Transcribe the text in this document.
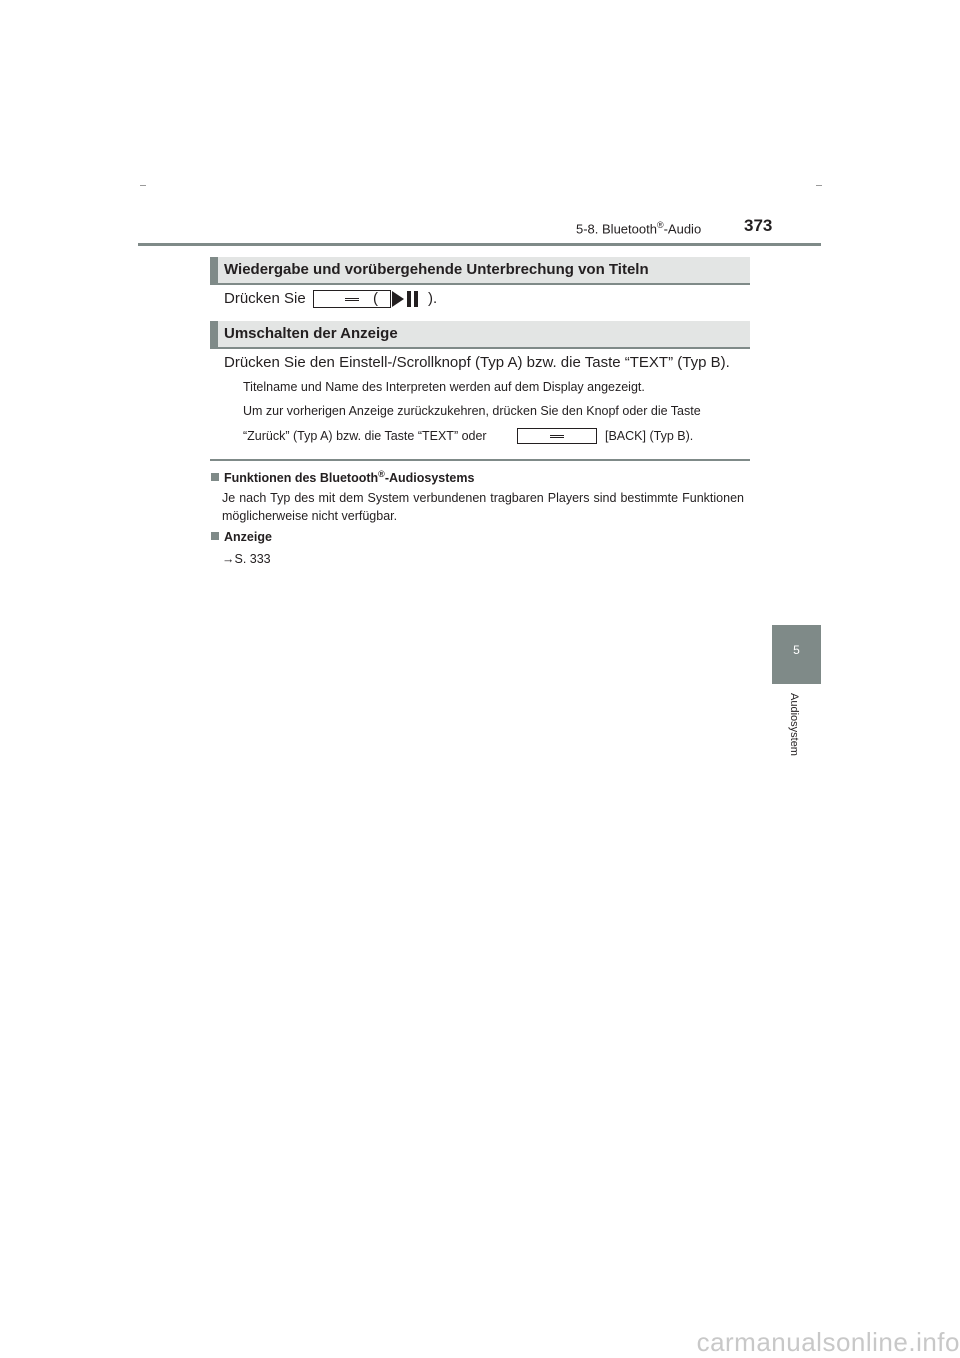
5-8. Bluetooth®-Audio	373
Wiedergabe und vorübergehende Unterbrechung von Titeln
Drücken Sie	(	).
Umschalten der Anzeige
Drücken Sie den Einstell-/Scrollknopf (Typ A) bzw. die Taste “TEXT” (Typ B).
Titelname und Name des Interpreten werden auf dem Display angezeigt.
Um zur vorherigen Anzeige zurückzukehren, drücken Sie den Knopf oder die Taste
“Zurück” (Typ A) bzw. die Taste “TEXT” oder	[BACK] (Typ B).
Funktionen des Bluetooth®-Audiosystems
Je nach Typ des mit dem System verbundenen tragbaren Players sind bestimmte Funktionen möglicherweise nicht verfügbar.
Anzeige
→S. 333
5
Audiosystem
carmanualsonline.info
